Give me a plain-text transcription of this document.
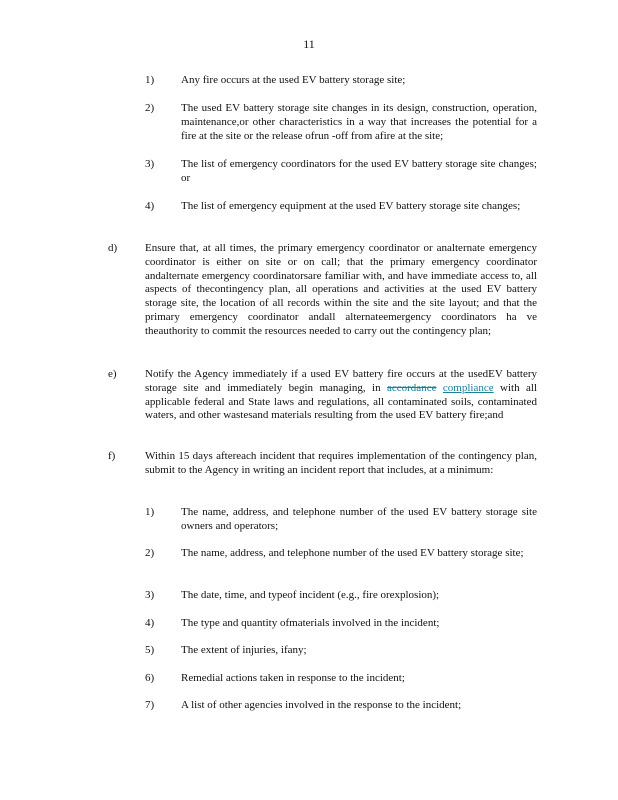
11
1) Any fire occurs at the used EV battery storage site;

2) The used EV battery storage site changes in its design, construction, operation, maintenance,or other characteristics in a way that increases the potential for a fire at the site or the release ofrun -off from afire at the site;

3) The list of emergency coordinators for the used EV battery storage site changes; or

4) The list of emergency equipment at the used EV battery storage site changes;

d)	Ensure that, at all times, the primary emergency coordinator or analternate emergency coordinator is either on site or on call; that the primary emergency coordinator andalternate emergency coordinatorsare familiar with, and have immediate access to, all aspects of thecontingency plan, all operations and activities at the used EV battery storage site, the location of all records within the site and the site layout; and that the primary emergency coordinator andall alternateemergency coordinators ha ve theauthority to commit the resources needed to carry out the contingency plan;

e)	Notify the Agency immediately if a used EV battery fire occurs at the usedEV battery storage site and immediately begin managing, in accordance compliance with all applicable federal and State laws and regulations, all contaminated soils, contaminated waters, and other wastesand materials resulting from the used EV battery fire;and

f)	Within 15 days aftereach incident that requires implementation of the contingency plan, submit to the Agency in writing an incident report that includes, at a minimum:

1) The name, address, and telephone number of the used EV battery storage site owners and operators;

2) The name, address, and telephone number of the used EV battery storage site;

3) The date, time, and typeof incident (e.g., fire orexplosion);

4) The type and quantity ofmaterials involved in the incident;

5) The extent of injuries, ifany;

6) Remedial actions taken in response to the incident;

7) A list of other agencies involved in the response to the incident;
